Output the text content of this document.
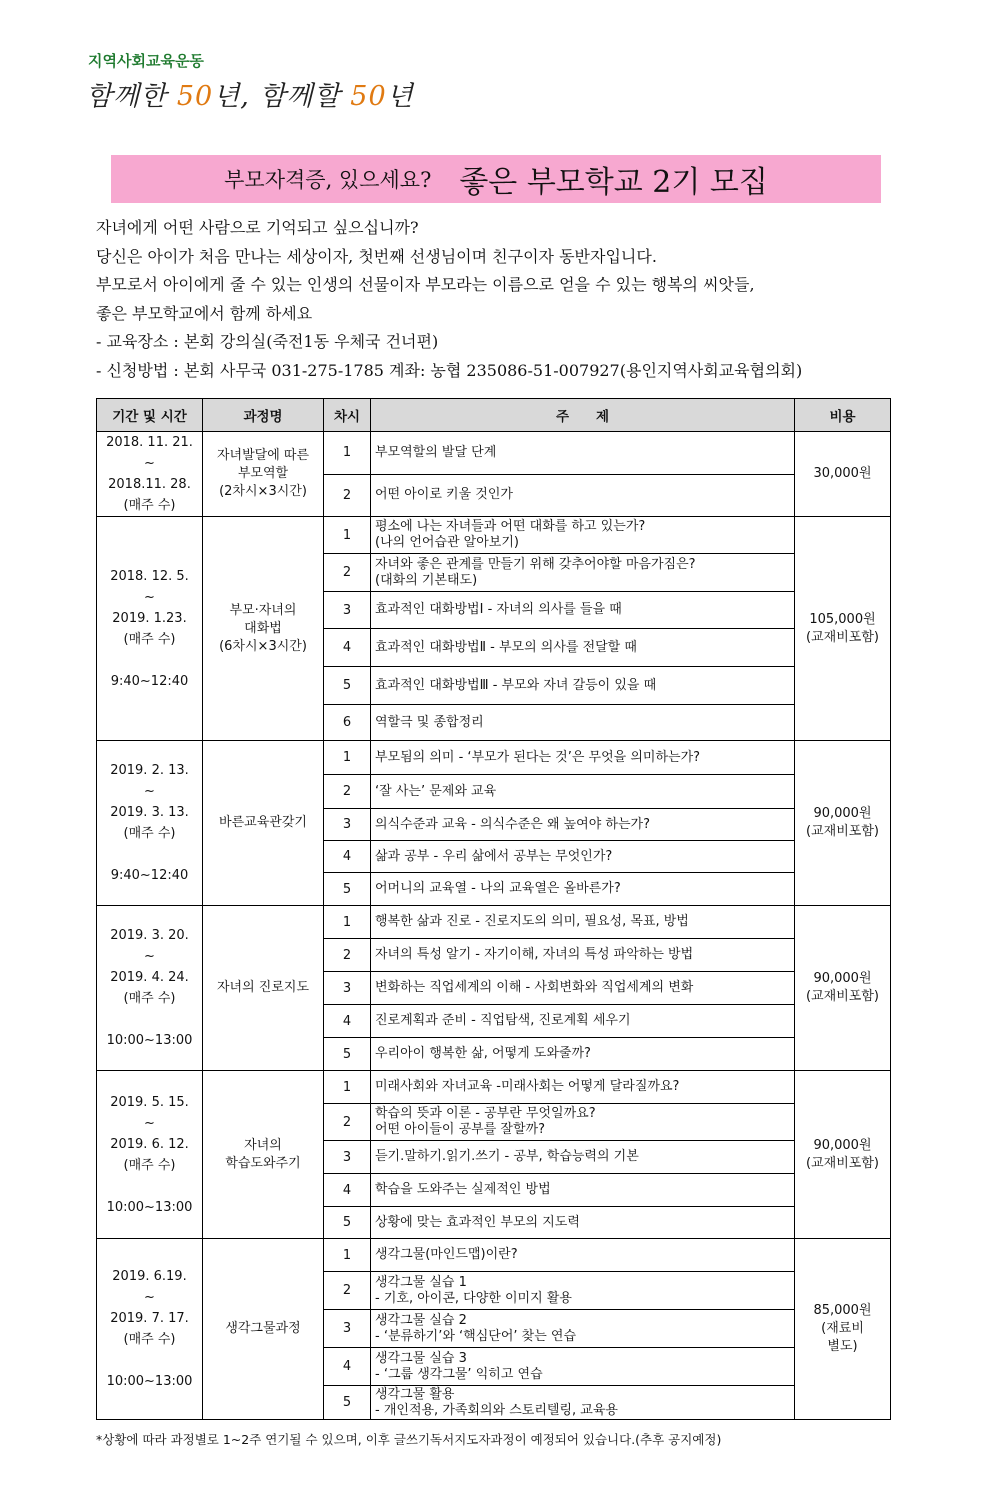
지역사회교육운동
함께한 50년, 함께할 50년
부모자격증, 있으세요? 좋은 부모학교 2기 모집

자녀에게 어떤 사람으로 기억되고 싶으십니까?

당신은 아이가 처음 만나는 세상이자, 첫번째 선생님이며 친구이자 동반자입니다.

부모로서 아이에게 줄 수 있는 인생의 선물이자 부모라는 이름으로 얻을 수 있는 행복의 씨앗들,

좋은 부모학교에서 함께 하세요

- 교육장소 : 본회 강의실(죽전1동 우체국 건너편)

- 신청방법 : 본회 사무국 031-275-1785 계좌: 농협 235086-51-007927(용인지역사회교육협의회)

기간 및 시간	과정명	차시	주　　제	비용
2018. 11. 21.
~
2018.11. 28.
(매주 수)	자녀발달에 따른
부모역할
(2차시×3시간)	1	부모역할의 발달 단계	30,000원
		2	어떤 아이로 키울 것인가	
2018. 12. 5.
~
2019. 1.23.
(매주 수)

9:40~12:40	부모·자녀의
대화법
(6차시×3시간)	1	평소에 나는 자녀들과 어떤 대화를 하고 있는가?
(나의 언어습관 알아보기)	105,000원
(교재비포함)
		2	자녀와 좋은 관계를 만들기 위해 갖추어야할 마음가짐은?
(대화의 기본태도)	
		3	효과적인 대화방법Ⅰ - 자녀의 의사를 들을 때	
		4	효과적인 대화방법Ⅱ - 부모의 의사를 전달할 때	
		5	효과적인 대화방법Ⅲ - 부모와 자녀 갈등이 있을 때	
		6	역할극 및 종합정리	
2019. 2. 13.
~
2019. 3. 13.
(매주 수)

9:40~12:40	바른교육관갖기	1	부모됨의 의미 - ‘부모가 된다는 것’은 무엇을 의미하는가?	90,000원
(교재비포함)
		2	‘잘 사는’ 문제와 교육	
		3	의식수준과 교육 - 의식수준은 왜 높여야 하는가?	
		4	삶과 공부 - 우리 삶에서 공부는 무엇인가?	
		5	어머니의 교육열 - 나의 교육열은 올바른가?	
2019. 3. 20.
~
2019. 4. 24.
(매주 수)

10:00~13:00	자녀의 진로지도	1	행복한 삶과 진로 - 진로지도의 의미, 필요성, 목표, 방법	90,000원
(교재비포함)
		2	자녀의 특성 알기 - 자기이해, 자녀의 특성 파악하는 방법	
		3	변화하는 직업세계의 이해 - 사회변화와 직업세계의 변화	
		4	진로계획과 준비 - 직업탐색, 진로계획 세우기	
		5	우리아이 행복한 삶, 어떻게 도와줄까?	
2019. 5. 15.
~
2019. 6. 12.
(매주 수)

10:00~13:00	자녀의
학습도와주기	1	미래사회와 자녀교육 -미래사회는 어떻게 달라질까요?	90,000원
(교재비포함)
		2	학습의 뜻과 이론 - 공부란 무엇일까요?
어떤 아이들이 공부를 잘할까?	
		3	듣기.말하기.읽기.쓰기 - 공부, 학습능력의 기본	
		4	학습을 도와주는 실제적인 방법	
		5	상황에 맞는 효과적인 부모의 지도력	
2019. 6.19.
~
2019. 7. 17.
(매주 수)

10:00~13:00	생각그물과정	1	생각그물(마인드맵)이란?	85,000원
(재료비
별도)
		2	생각그물 실습 1
- 기호, 아이콘, 다양한 이미지 활용	
		3	생각그물 실습 2
- ‘분류하기’와 ‘핵심단어’ 찾는 연습	
		4	생각그물 실습 3
- ‘그룹 생각그물’ 익히고 연습	
		5	생각그물 활용
- 개인적용, 가족회의와 스토리텔링, 교육용	
*상황에 따라 과정별로 1~2주 연기될 수 있으며, 이후 글쓰기독서지도자과정이 예정되어 있습니다.(추후 공지예정)
